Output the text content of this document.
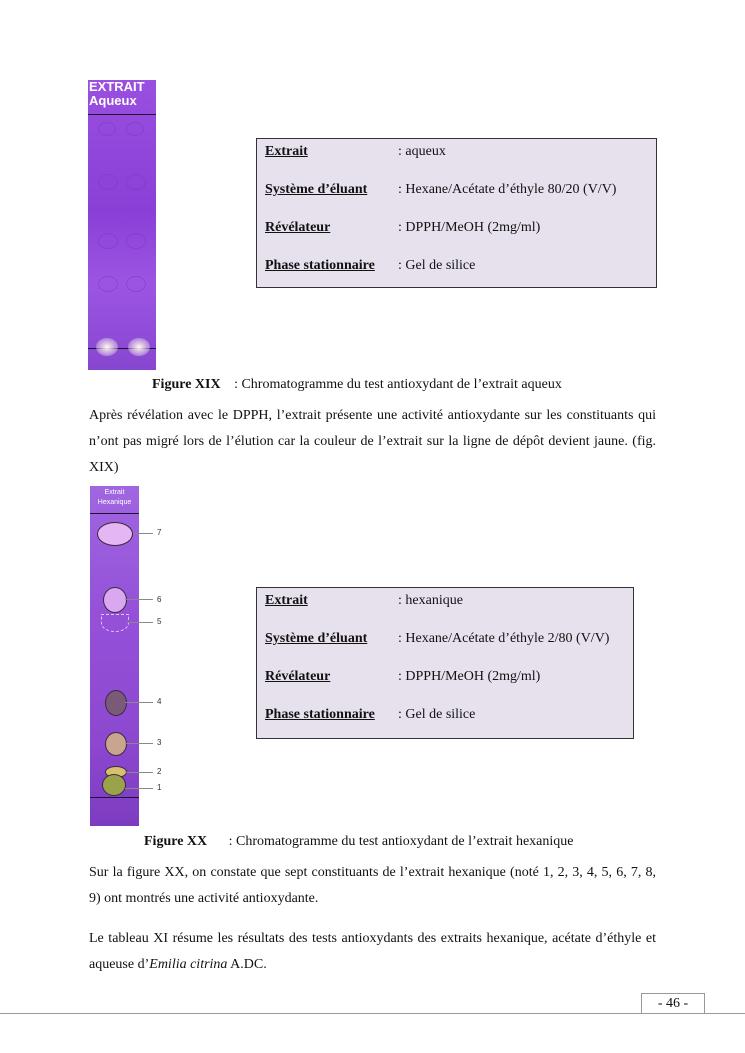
EXTRAIT
Aqueux
Extrait	: aqueux
Système d’éluant : Hexane/Acétate d’éthyle 80/20 (V/V)
Révélateur	: DPPH/MeOH (2mg/ml)
Phase stationnaire : Gel de silice
Figure XIX : Chromatogramme du test antioxydant de l’extrait aqueux

Après révélation avec le DPPH, l’extrait présente une activité antioxydante sur les constituants qui n’ont pas migré lors de l’élution car la couleur de l’extrait sur la ligne de dépôt devient jaune. (fig. XIX)

Extrait
Hexanique
7
6
5
4
3
2
1
Extrait	: hexanique
Système d’éluant : Hexane/Acétate d’éthyle 2/80 (V/V)
Révélateur	: DPPH/MeOH (2mg/ml)
Phase stationnaire : Gel de silice
Figure XX : Chromatogramme du test antioxydant de l’extrait hexanique

Sur la figure XX, on constate que sept constituants de l’extrait hexanique (noté 1, 2, 3, 4, 5, 6, 7, 8, 9) ont montrés une activité antioxydante.

Le tableau XI résume les résultats des tests antioxydants des extraits hexanique, acétate d’éthyle et aqueuse d’Emilia citrina A.DC.

- 46 -
